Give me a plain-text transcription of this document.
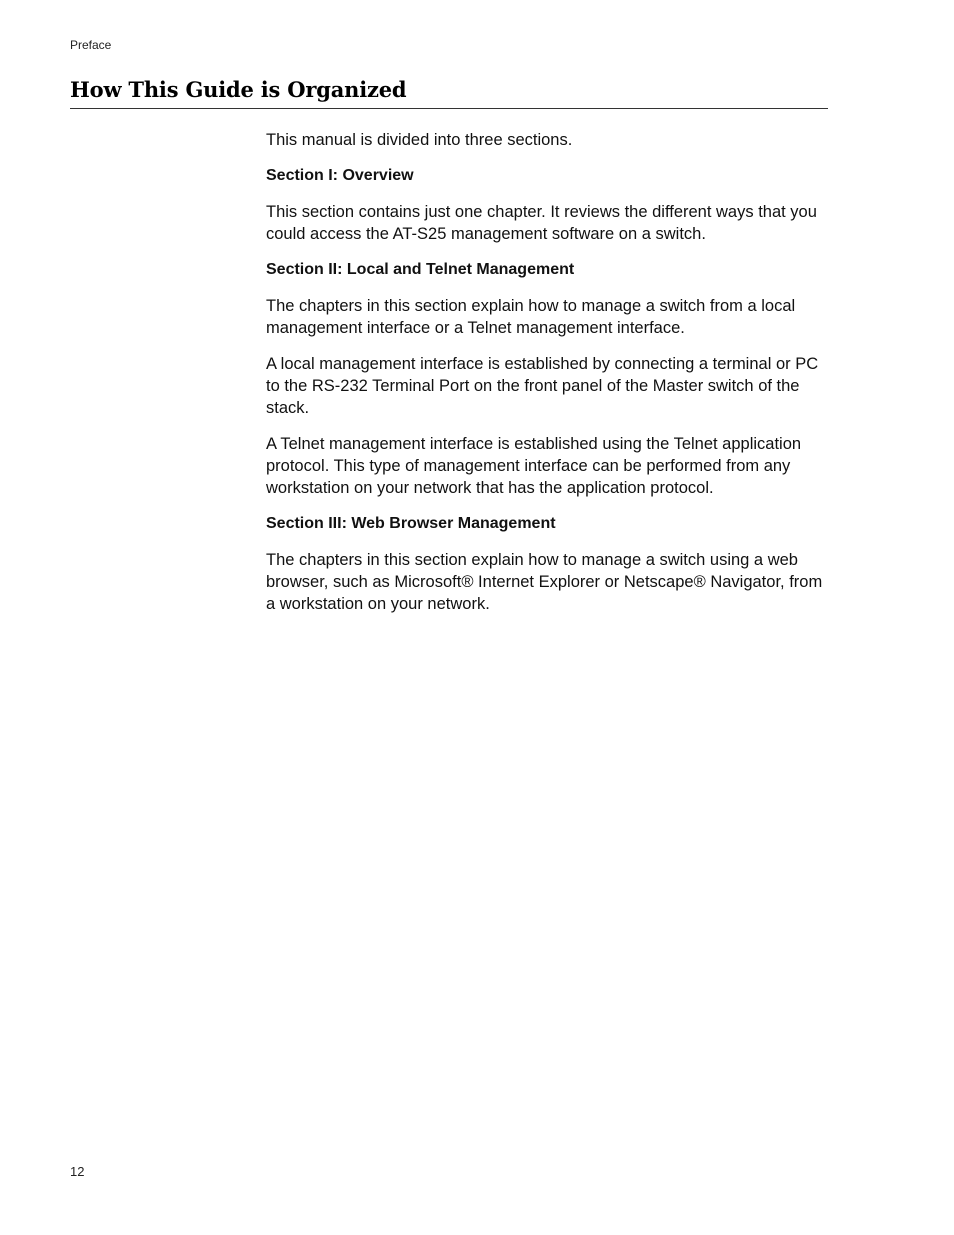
Preface
How This Guide is Organized

This manual is divided into three sections.

Section I: Overview

This section contains just one chapter. It reviews the different ways that you could access the AT-S25 management software on a switch.

Section II: Local and Telnet Management

The chapters in this section explain how to manage a switch from a local management interface or a Telnet management interface.

A local management interface is established by connecting a terminal or PC to the RS-232 Terminal Port on the front panel of the Master switch of the stack.

A Telnet management interface is established using the Telnet application protocol. This type of management interface can be performed from any workstation on your network that has the application protocol.

Section III: Web Browser Management

The chapters in this section explain how to manage a switch using a web browser, such as Microsoft® Internet Explorer or Netscape® Navigator, from a workstation on your network.

12
